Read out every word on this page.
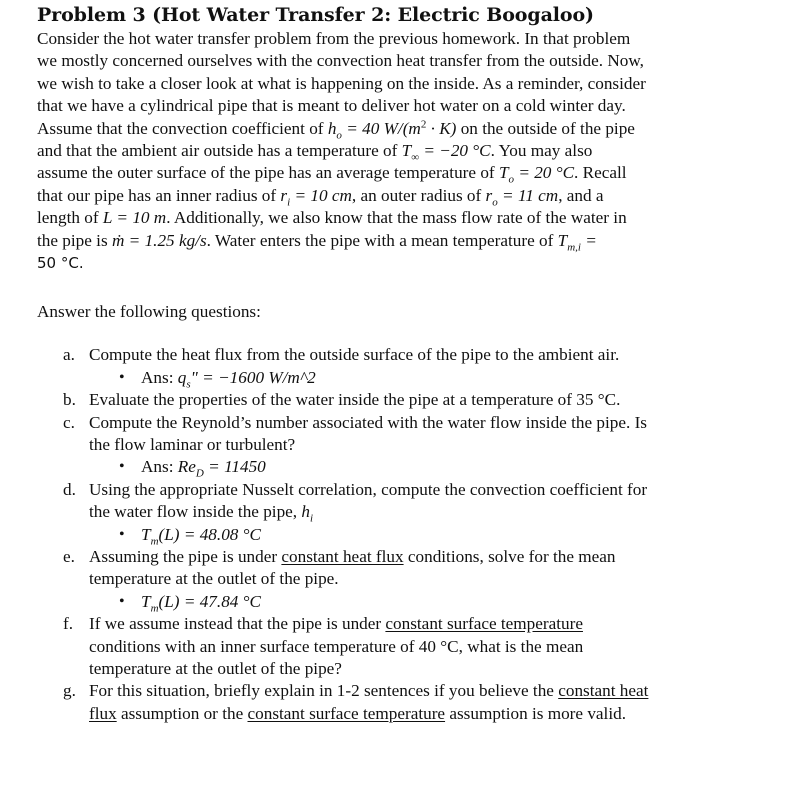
Problem 3 (Hot Water Transfer 2: Electric Boogaloo)
Consider the hot water transfer problem from the previous homework. In that problem
we mostly concerned ourselves with the convection heat transfer from the outside. Now,
we wish to take a closer look at what is happening on the inside. As a reminder, consider
that we have a cylindrical pipe that is meant to deliver hot water on a cold winter day.
Assume that the convection coefficient of $h_o = 40$ $W/(m^2 \cdot K)$ on the outside of the pipe
and that the ambient air outside has a temperature of $T_\infty = -20$ °C. You may also
assume the outer surface of the pipe has an average temperature of $T_o = 20$ °C. Recall
that our pipe has an inner radius of $r_i = 10$ cm, an outer radius of $r_o = 11$ cm, and a
length of L = 10 m. Additionally, we also know that the mass flow rate of the water in
the pipe is ṁ = 1.25 kg/s. Water enters the pipe with a mean temperature of $T_{m,i}$ =
50 °C.
Answer the following questions:
a. Compute the heat flux from the outside surface of the pipe to the ambient air.
• Ans: $q_s$" = −1600 W/m^2
b. Evaluate the properties of the water inside the pipe at a temperature of 35 °C.
c. Compute the Reynold’s number associated with the water flow inside the pipe. Is
the flow laminar or turbulent?
• Ans: $Re_D = 11450$
d. Using the appropriate Nusselt correlation, compute the convection coefficient for
the water flow inside the pipe, $h_i$
• $T_m(L) = 48.08$ °C
e. Assuming the pipe is under constant heat flux conditions, solve for the mean
temperature at the outlet of the pipe.
• $T_m(L) = 47.84$ °C
f. If we assume instead that the pipe is under constant surface temperature
conditions with an inner surface temperature of 40 °C, what is the mean
temperature at the outlet of the pipe?
g. For this situation, briefly explain in 1-2 sentences if you believe the constant heat
flux assumption or the constant surface temperature assumption is more valid.
